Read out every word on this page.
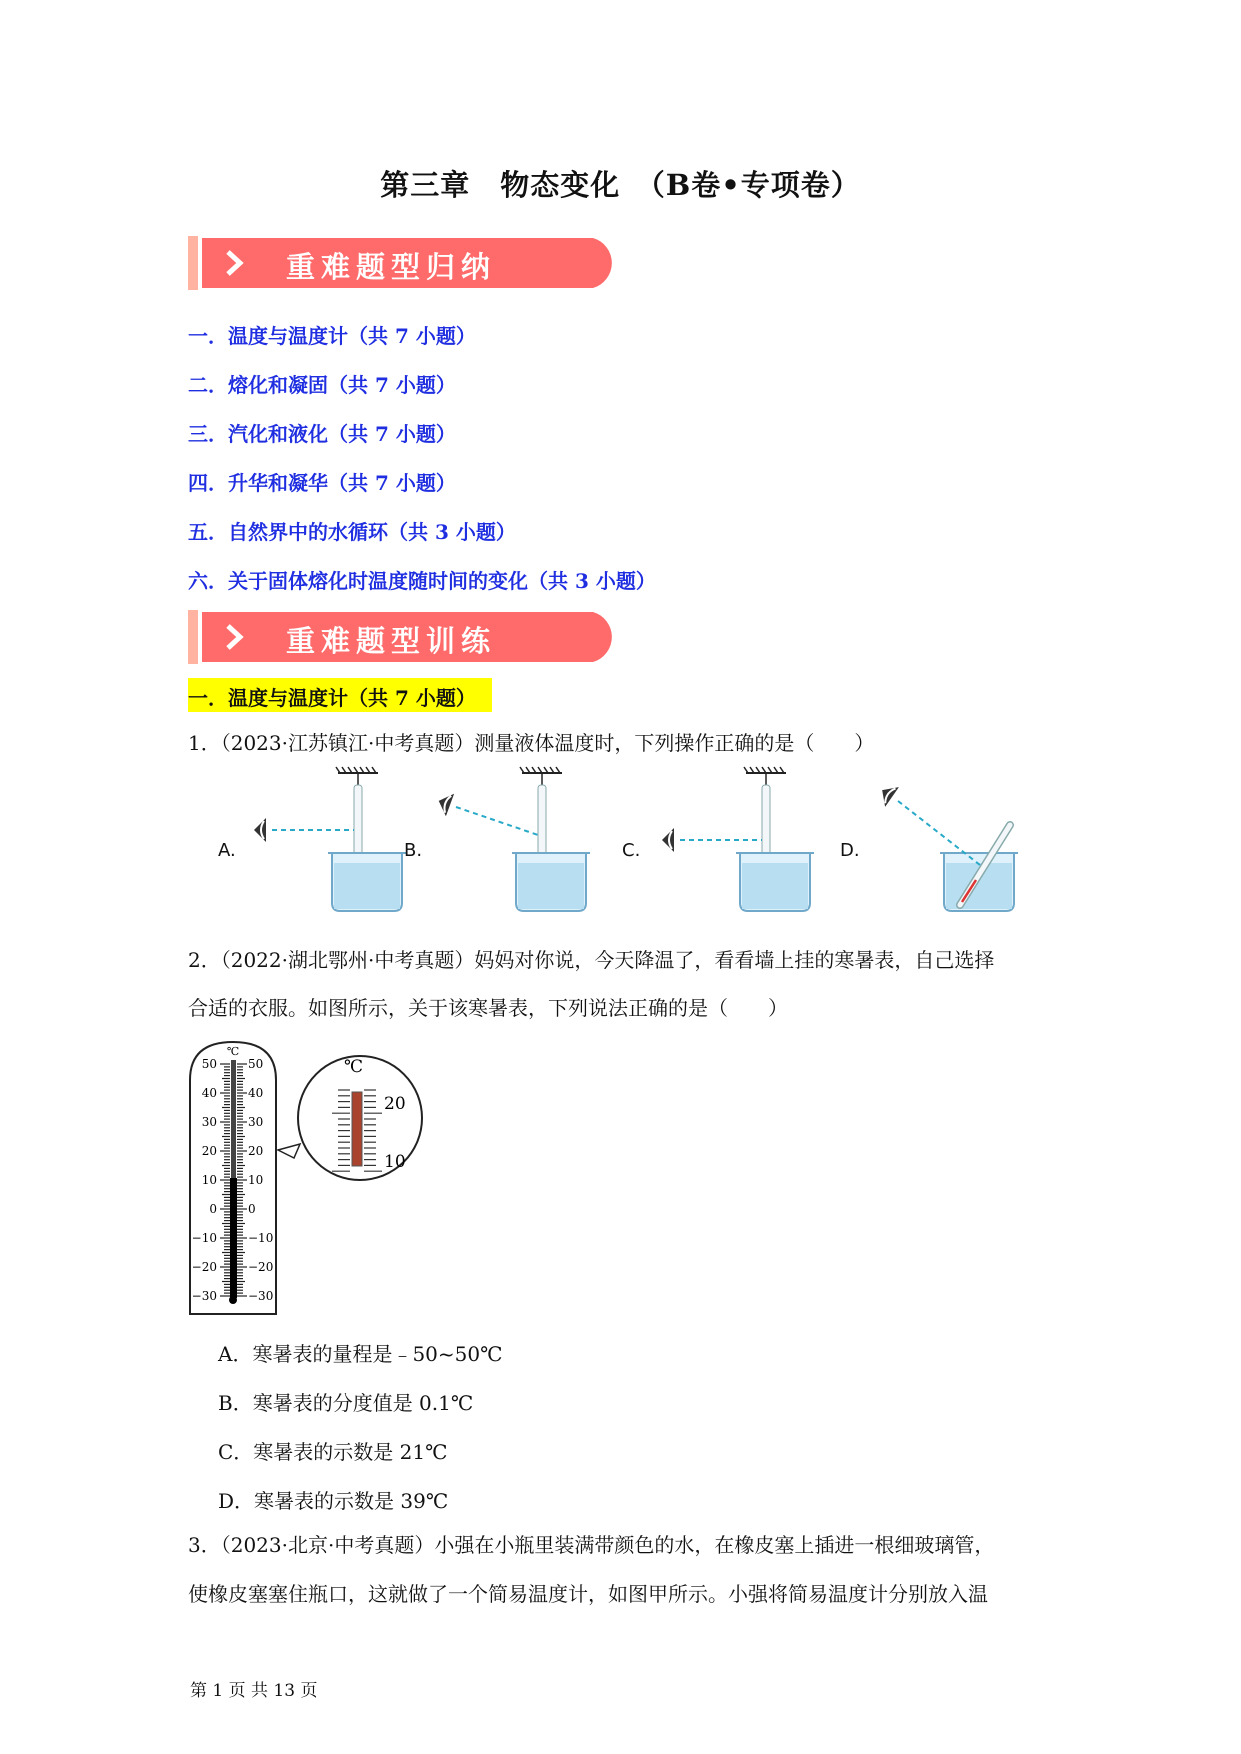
第三章　物态变化　（B卷•专项卷）
重难题型归纳
一．温度与温度计（共 7 小题）
二．熔化和凝固（共 7 小题）
三．汽化和液化（共 7 小题）
四．升华和凝华（共 7 小题）
五．自然界中的水循环（共 3 小题）
六．关于固体熔化时温度随时间的变化（共 3 小题）
重难题型训练
一．温度与温度计（共 7 小题）
1．（2023·江苏镇江·中考真题）测量液体温度时，下列操作正确的是（　　）
A.	B.	C.	D.
2．（2022·湖北鄂州·中考真题）妈妈对你说，今天降温了，看看墙上挂的寒暑表，自己选择
合适的衣服。如图所示，关于该寒暑表，下列说法正确的是（　　）
℃
50
40
30
20
10
0
−10
−20
−30
50
40
30
20
10
0
−10
−20
−30
℃
20
10
A．寒暑表的量程是﹣50~50℃
B．寒暑表的分度值是 0.1℃
C．寒暑表的示数是 21℃
D．寒暑表的示数是 39℃
3．（2023·北京·中考真题）小强在小瓶里装满带颜色的水，在橡皮塞上插进一根细玻璃管，
使橡皮塞塞住瓶口，这就做了一个简易温度计，如图甲所示。小强将简易温度计分别放入温
第 1 页 共 13 页
